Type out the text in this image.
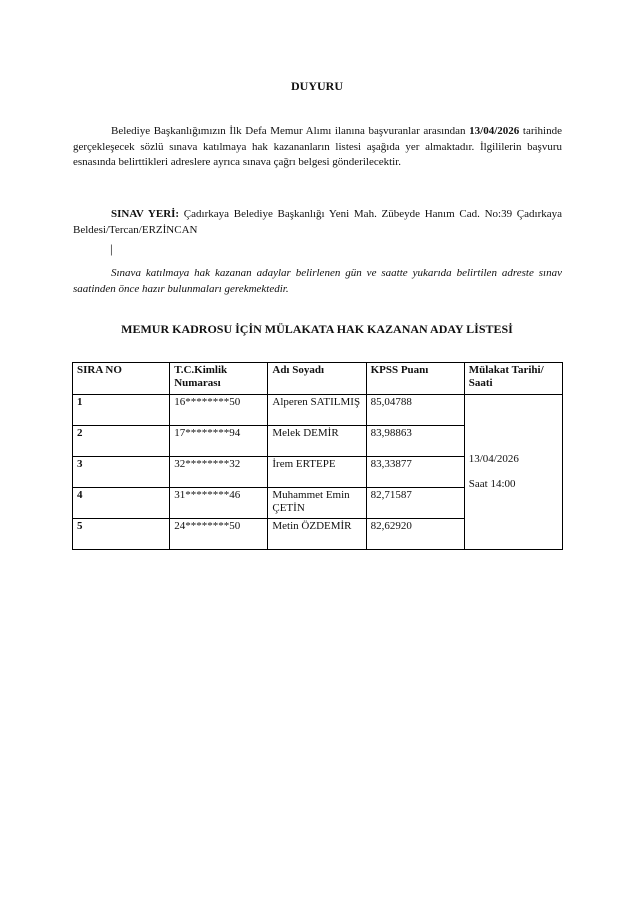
DUYURU

Belediye Başkanlığımızın İlk Defa Memur Alımı ilanına başvuranlar arasından 13/04/2026 tarihinde gerçekleşecek sözlü sınava katılmaya hak kazananların listesi aşağıda yer almaktadır. İlgililerin başvuru esnasında belirttikleri adreslere ayrıca sınava çağrı belgesi gönderilecektir.

SINAV YERİ: Çadırkaya Belediye Başkanlığı Yeni Mah. Zübeyde Hanım Cad. No:39 Çadırkaya Beldesi/Tercan/ERZİNCAN

|

Sınava katılmaya hak kazanan adaylar belirlenen gün ve saatte yukarıda belirtilen adreste sınav saatinden önce hazır bulunmaları gerekmektedir.

MEMUR KADROSU İÇİN MÜLAKATA HAK KAZANAN ADAY LİSTESİ
SIRA NO	T.C.Kimlik Numarası	Adı Soyadı	KPSS Puanı	Mülakat Tarihi/ Saati
1	16********50	Alperen SATILMIŞ	85,04788	13/04/2026
Saat 14:00
2	17********94	Melek DEMİR	83,98863	
3	32********32	İrem ERTEPE	83,33877	
4	31********46	Muhammet Emin ÇETİN	82,71587	
5	24********50	Metin ÖZDEMİR	82,62920	
